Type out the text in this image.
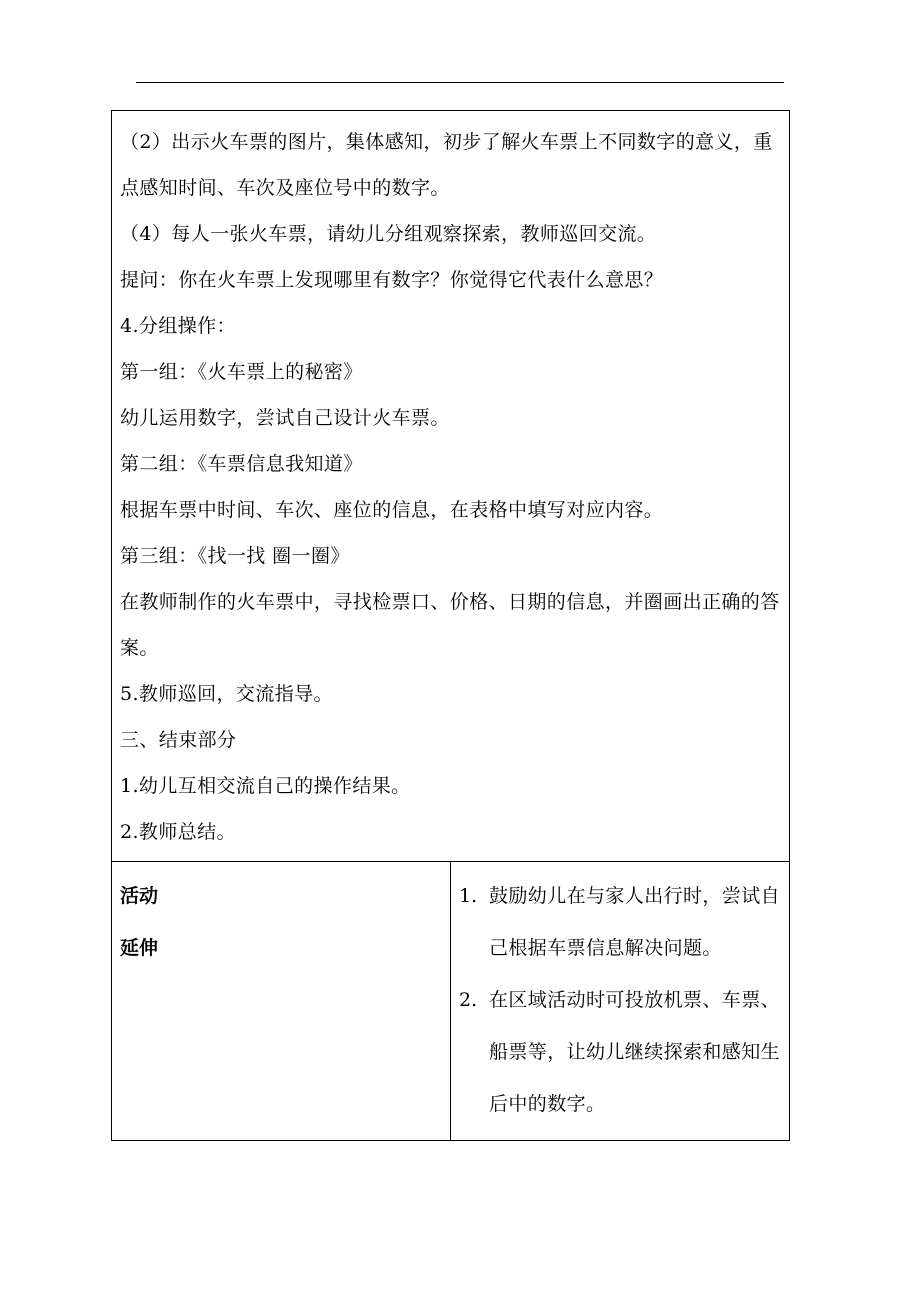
（2）出示火车票的图片，集体感知，初步了解火车票上不同数字的意义，重点感知时间、车次及座位号中的数字。

（4）每人一张火车票，请幼儿分组观察探索，教师巡回交流。

提问：你在火车票上发现哪里有数字？你觉得它代表什么意思？

4.分组操作：

第一组：《火车票上的秘密》

幼儿运用数字，尝试自己设计火车票。

第二组：《车票信息我知道》

根据车票中时间、车次、座位的信息，在表格中填写对应内容。

第三组：《找一找 圈一圈》

在教师制作的火车票中，寻找检票口、价格、日期的信息，并圈画出正确的答案。

5.教师巡回，交流指导。

三、结束部分

1.幼儿互相交流自己的操作结果。

2.教师总结。

活动延伸

1. 鼓励幼儿在与家人出行时，尝试自己根据车票信息解决问题。
2. 在区域活动时可投放机票、车票、船票等，让幼儿继续探索和感知生后中的数字。
